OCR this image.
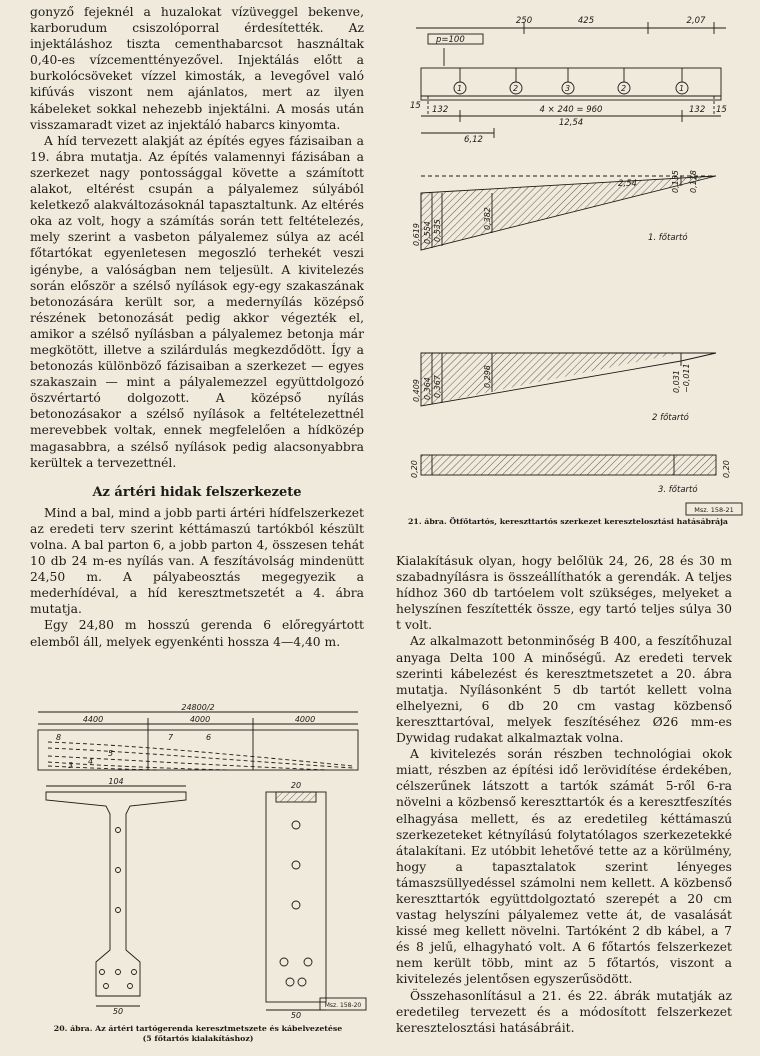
gonyző fejeknél a huzalokat vízüveggel bekenve, karborudum csiszolóporral érdesítették. Az injektáláshoz tiszta cementhabarcsot használtak 0,40-es vízcementtényezővel. Injektálás előtt a burkolócsöveket vízzel kimosták, a levegővel való kifúvás viszont nem ajánlatos, mert az ilyen kábeleket sokkal nehezebb injektálni. A mosás után visszamaradt vizet az injektáló habarcs kinyomta.

A híd tervezett alakját az építés egyes fázisaiban a 19. ábra mutatja. Az építés valamennyi fázisában a szerkezet nagy pontossággal követte a számított alakot, eltérést csupán a pályalemez súlyából keletkező alakváltozásoknál tapasztaltunk. Az eltérés oka az volt, hogy a számítás során tett feltételezés, mely szerint a vasbeton pályalemez súlya az acél főtartókat egyenletesen megoszló terhekét veszi igénybe, a valóságban nem teljesült. A kivitelezés során először a szélső nyílások egy-egy szakaszának betonozására került sor, a medernyílás középső részének betonozását pedig akkor végezték el, amikor a szélső nyílásban a pályalemez betonja már megkötött, illetve a szilárdulás megkezdődött. Így a betonozás különböző fázisaiban a szerkezet — egyes szakaszain — mint a pályalemezzel együttdolgozó öszvértartó dolgozott. A középső nyílás betonozásakor a szélső nyílások a feltételezettnél merevebbek voltak, ennek megfelelően a hídközép magasabbra, a szélső nyílások pedig alacsonyabbra kerültek a tervezettnél.

Az ártéri hidak felszerkezete

Mind a bal, mind a jobb parti ártéri hídfelszerkezet az eredeti terv szerint kéttámaszú tartókból készült volna. A bal parton 6, a jobb parton 4, összesen tehát 10 db 24 m-es nyílás van. A feszítávolság mindenütt 24,50 m. A pályabeosztás megegyezik a mederhídéval, a híd keresztmetszetét a 4. ábra mutatja.

Egy 24,80 m hosszú gerenda 6 előregyártott elemből áll, melyek egyenkénti hossza 4—4,40 m.

250	425	2,07
p=100
1	2	3	2	1
4 × 240 = 960
12,54
15 132	132 15
6,12
2,54	0,135 0,178
0,619 0,554 0,535
0,382
1. főtartó
0,409 0,364 0,367	0,298	0,031 −0,011
2 főtartó
0,20	0,20
3. főtartó
Msz. 158-21
21. ábra. Ötfőtartós, kereszttartós szerkezet keresztelosztási hatásábrája

Kialakításuk olyan, hogy belőlük 24, 26, 28 és 30 m szabadnyílásra is összeállíthatók a gerendák. A teljes hídhoz 360 db tartóelem volt szükséges, melyeket a helyszínen feszítették össze, egy tartó teljes súlya 30 t volt.

Az alkalmazott betonminőség B 400, a feszítőhuzal anyaga Delta 100 A minőségű. Az eredeti tervek szerinti kábelezést és keresztmetszetet a 20. ábra mutatja. Nyílásonként 5 db tartót kellett volna elhelyezni, 6 db 20 cm vastag közbenső kereszttartóval, melyek feszítéséhez Ø26 mm-es Dywidag rudakat alkalmaztak volna.

A kivitelezés során részben technológiai okok miatt, részben az építési idő lerövidítése érdekében, célszerűnek látszott a tartók számát 5-ről 6-ra növelni a közbenső kereszttartók és a keresztfeszítés elhagyása mellett, és az eredetileg kéttámaszú szerkezeteket kétnyílású folytatólagos szerkezetekké átalakítani. Ez utóbbit lehetővé tette az a körülmény, hogy a tapasztalatok szerint lényeges támaszsüllyedéssel számolni nem kellett. A közbenső kereszttartók együttdolgoztató szerepét a 20 cm vastag helyszíni pályalemez vette át, de vasalását kissé meg kellett növelni. Tartóként 2 db kábel, a 7 és 8 jelű, elhagyható volt. A 6 főtartós felszerkezet nem került több, mint az 5 főtartós, viszont a kivitelezés jelentősen egyszerűsödött.

Összehasonlításul a 21. és 22. ábrák mutatják az eredetileg tervezett és a módosított felszerkezet keresztelosztási hatásábráit.

24800/2
4400	4000	4000
8	7	6
5
4
3
104
50
20
50
Msz. 158-20
20. ábra. Az ártéri tartógerenda keresztmetszete és kábelvezetése
(5 főtartós kialakításhoz)
